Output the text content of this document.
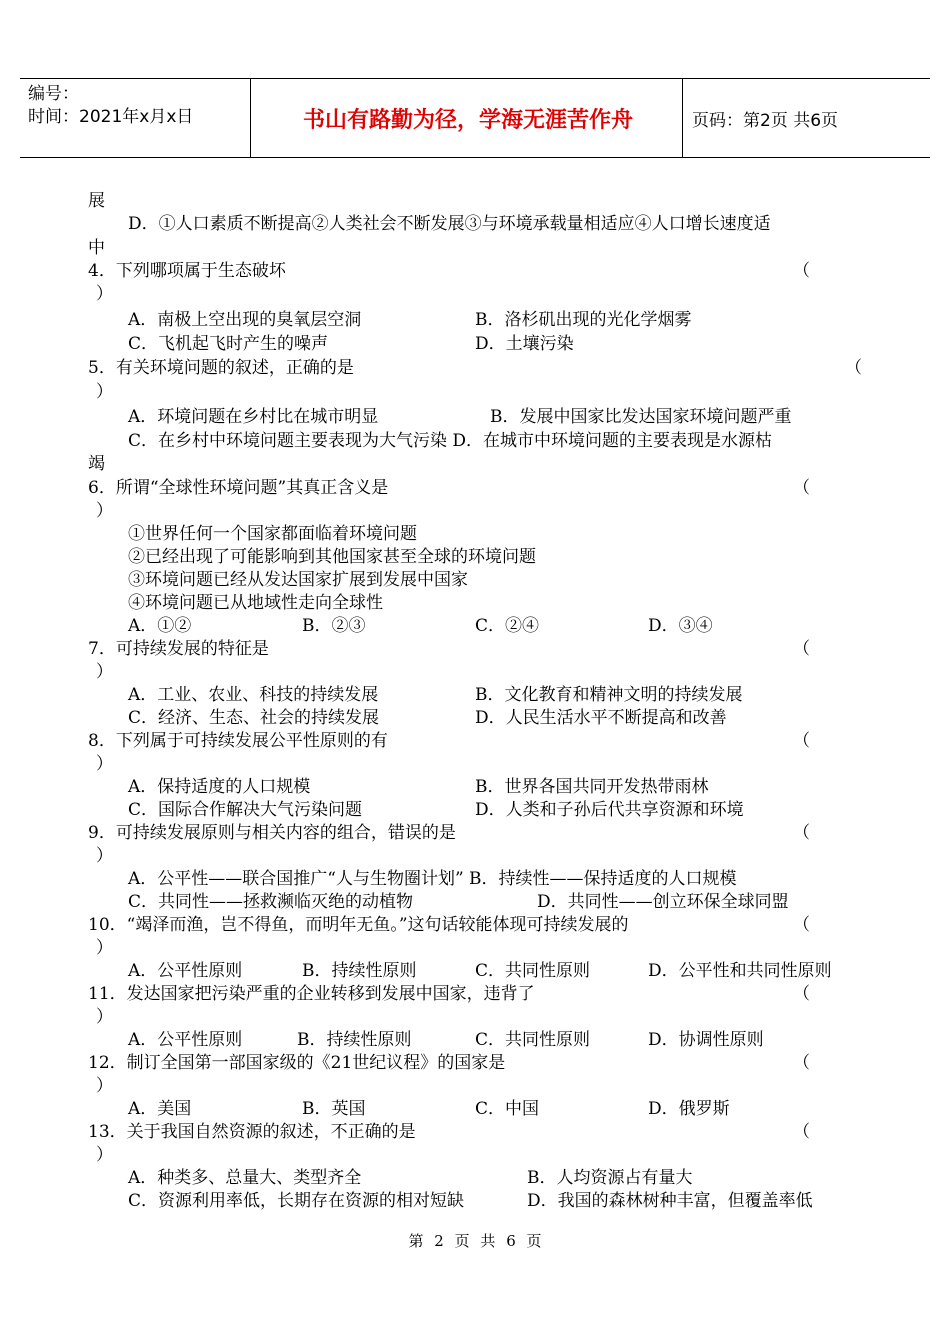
编号：
时间：2021年x月x日	书山有路勤为径，学海无涯苦作舟	页码：第2页 共6页
展
D．①人口素质不断提高②人类社会不断发展③与环境承载量相适应④人口增长速度适
中
4．下列哪项属于生态破坏	（
）
A．南极上空出现的臭氧层空洞	B．洛杉矶出现的光化学烟雾
C．飞机起飞时产生的噪声	D．土壤污染
5．有关环境问题的叙述，正确的是	（
）
A．环境问题在乡村比在城市明显	B．发展中国家比发达国家环境问题严重
C．在乡村中环境问题主要表现为大气污染 D．在城市中环境问题的主要表现是水源枯
竭
6．所谓“全球性环境问题”其真正含义是	（
）
①世界任何一个国家都面临着环境问题
②已经出现了可能影响到其他国家甚至全球的环境问题
③环境问题已经从发达国家扩展到发展中国家
④环境问题已从地域性走向全球性
A．①②	B．②③	C．②④	D．③④
7．可持续发展的特征是	（
）
A．工业、农业、科技的持续发展	B．文化教育和精神文明的持续发展
C．经济、生态、社会的持续发展	D．人民生活水平不断提高和改善
8．下列属于可持续发展公平性原则的有	（
）
A．保持适度的人口规模	B．世界各国共同开发热带雨林
C．国际合作解决大气污染问题	D．人类和子孙后代共享资源和环境
9．可持续发展原则与相关内容的组合，错误的是	（
）
A．公平性——联合国推广“人与生物圈计划” B．持续性——保持适度的人口规模
C．共同性——拯救濒临灭绝的动植物	D．共同性——创立环保全球同盟
10．“竭泽而渔，岂不得鱼，而明年无鱼。”这句话较能体现可持续发展的	（
）
A．公平性原则	B．持续性原则	C．共同性原则	D．公平性和共同性原则
11．发达国家把污染严重的企业转移到发展中国家，违背了	（
）
A．公平性原则	B．持续性原则	C．共同性原则	D．协调性原则
12．制订全国第一部国家级的《21世纪议程》的国家是	（
）
A．美国	B．英国	C．中国	D．俄罗斯
13．关于我国自然资源的叙述，不正确的是	（
）
A．种类多、总量大、类型齐全	B．人均资源占有量大
C．资源利用率低，长期存在资源的相对短缺	D．我国的森林树种丰富，但覆盖率低
第 2 页 共 6 页
